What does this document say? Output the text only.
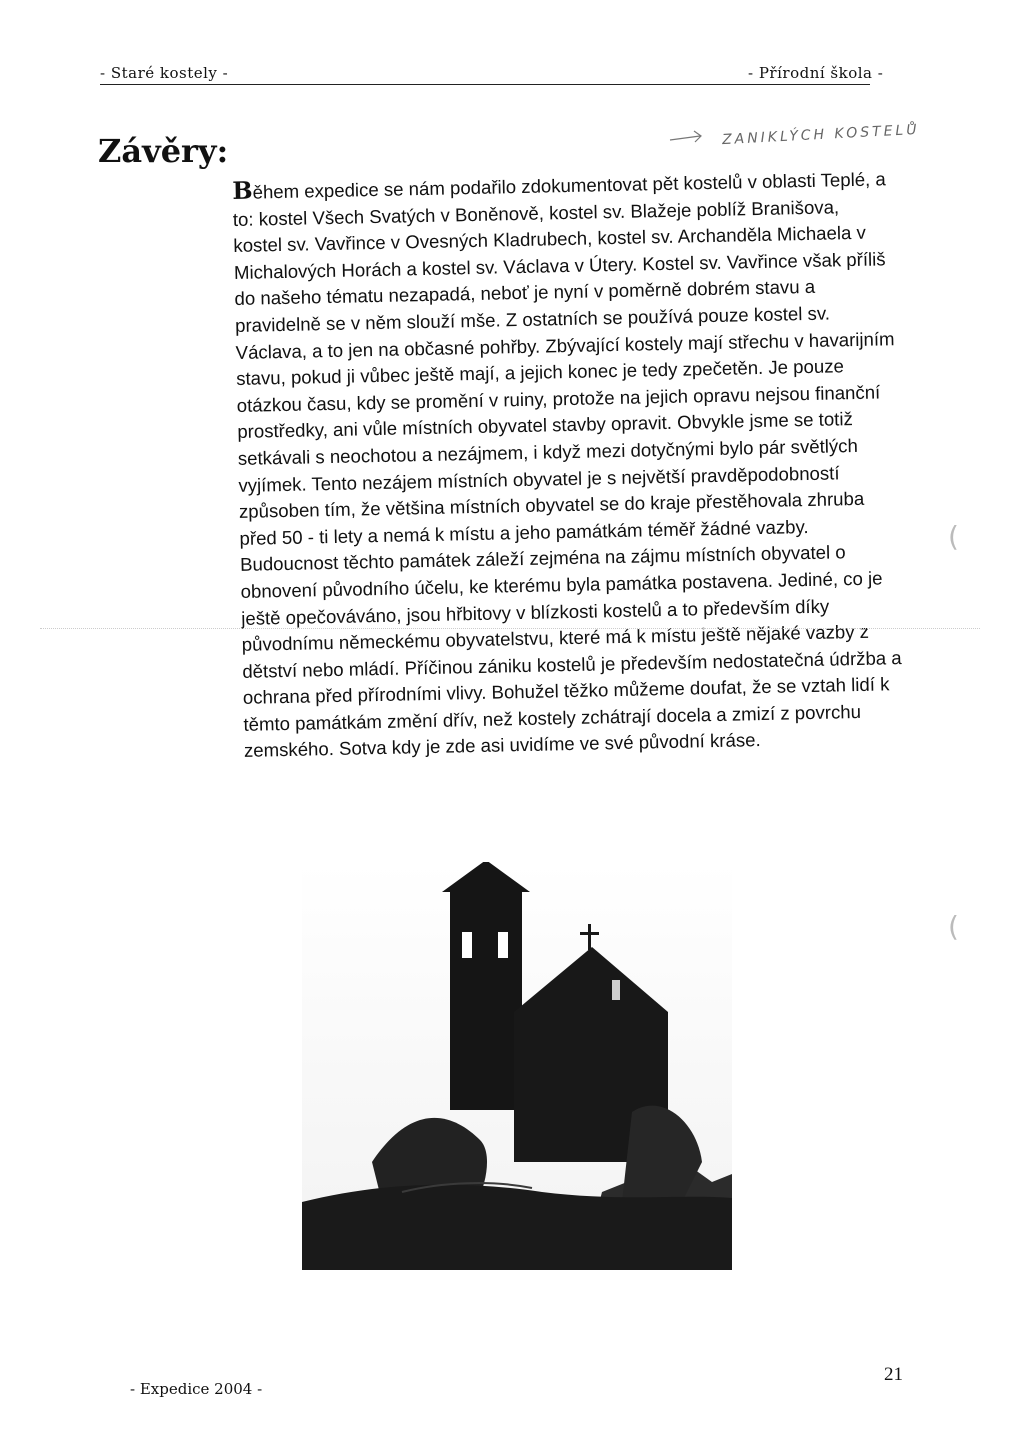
- Staré kostely -	- Přírodní škola -
Závěry:	ZANIKLÝCH KOSTELŮ

Během expedice se nám podařilo zdokumentovat pět kostelů v oblasti Teplé, a to: kostel Všech Svatých v Boněnově, kostel sv. Blažeje poblíž Branišova, kostel sv. Vavřince v Ovesných Kladrubech, kostel sv. Archanděla Michaela v Michalových Horách a kostel sv. Václava v Útery. Kostel sv. Vavřince však příliš do našeho tématu nezapadá, neboť je nyní v poměrně dobrém stavu a pravidelně se v něm slouží mše. Z ostatních se používá pouze kostel sv. Václava, a to jen na občasné pohřby. Zbývající kostely mají střechu v havarijním stavu, pokud ji vůbec ještě mají, a jejich konec je tedy zpečetěn. Je pouze otázkou času, kdy se promění v ruiny, protože na jejich opravu nejsou finanční prostředky, ani vůle místních obyvatel stavby opravit. Obvykle jsme se totiž setkávali s neochotou a nezájmem, i když mezi dotyčnými bylo pár světlých vyjímek. Tento nezájem místních obyvatel je s největší pravděpodobností způsoben tím, že většina místních obyvatel se do kraje přestěhovala zhruba před 50 - ti lety a nemá k místu a jeho památkám téměř žádné vazby. Budoucnost těchto památek záleží zejména na zájmu místních obyvatel o obnovení původního účelu, ke kterému byla památka postavena. Jediné, co je ještě opečováváno, jsou hřbitovy v blízkosti kostelů a to především díky původnímu německému obyvatelstvu, které má k místu ještě nějaké vazby z dětství nebo mládí. Příčinou zániku kostelů je především nedostatečná údržba a ochrana před přírodními vlivy. Bohužel těžko můžeme doufat, že se vztah lidí k těmto památkám změní dřív, než kostely zchátrají docela a zmizí z povrchu zemského. Sotva kdy je zde asi uvidíme ve své původní kráse.

(
(
- Expedice 2004 -
21
